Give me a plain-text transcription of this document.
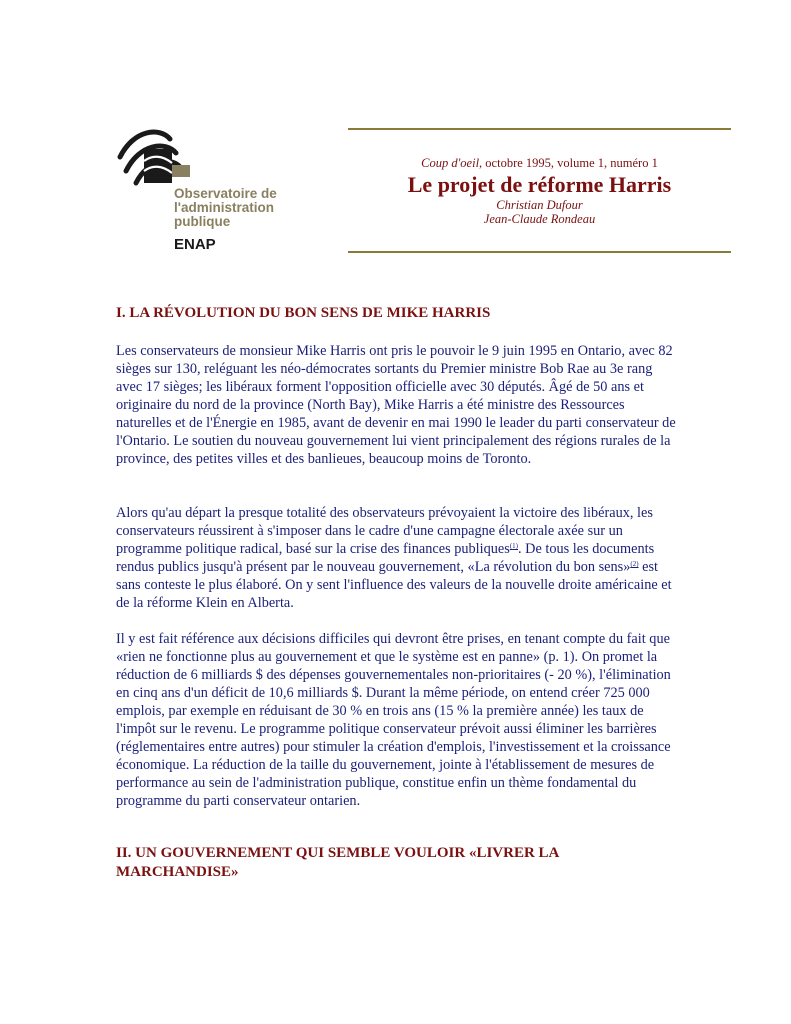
Observatoire de
l'administration
publique
ENAP
Coup d'oeil, octobre 1995, volume 1, numéro 1
Le projet de réforme Harris
Christian Dufour
Jean-Claude Rondeau
I. LA RÉVOLUTION DU BON SENS DE MIKE HARRIS

Les conservateurs de monsieur Mike Harris ont pris le pouvoir le 9 juin 1995 en Ontario, avec 82 sièges sur 130, reléguant les néo-démocrates sortants du Premier ministre Bob Rae au 3e rang avec 17 sièges; les libéraux forment l'opposition officielle avec 30 députés. Âgé de 50 ans et originaire du nord de la province (North Bay), Mike Harris a été ministre des Ressources naturelles et de l'Énergie en 1985, avant de devenir en mai 1990 le leader du parti conservateur de l'Ontario. Le soutien du nouveau gouvernement lui vient principalement des régions rurales de la province, des petites villes et des banlieues, beaucoup moins de Toronto.

Alors qu'au départ la presque totalité des observateurs prévoyaient la victoire des libéraux, les conservateurs réussirent à s'imposer dans le cadre d'une campagne électorale axée sur un programme politique radical, basé sur la crise des finances publiques$^{(1)}$. De tous les documents rendus publics jusqu'à présent par le nouveau gouvernement, «La révolution du bon sens»$^{(2)}$ est sans conteste le plus élaboré. On y sent l'influence des valeurs de la nouvelle droite américaine et de la réforme Klein en Alberta.

Il y est fait référence aux décisions difficiles qui devront être prises, en tenant compte du fait que «rien ne fonctionne plus au gouvernement et que le système est en panne» (p. 1). On promet la réduction de 6 milliards $ des dépenses gouvernementales non-prioritaires (- 20 %), l'élimination en cinq ans d'un déficit de 10,6 milliards $. Durant la même période, on entend créer 725 000 emplois, par exemple en réduisant de 30 % en trois ans (15 % la première année) les taux de l'impôt sur le revenu. Le programme politique conservateur prévoit aussi éliminer les barrières (réglementaires entre autres) pour stimuler la création d'emplois, l'investissement et la croissance économique. La réduction de la taille du gouvernement, jointe à l'établissement de mesures de performance au sein de l'administration publique, constitue enfin un thème fondamental du programme du parti conservateur ontarien.

II. UN GOUVERNEMENT QUI SEMBLE VOULOIR «LIVRER LA MARCHANDISE»
